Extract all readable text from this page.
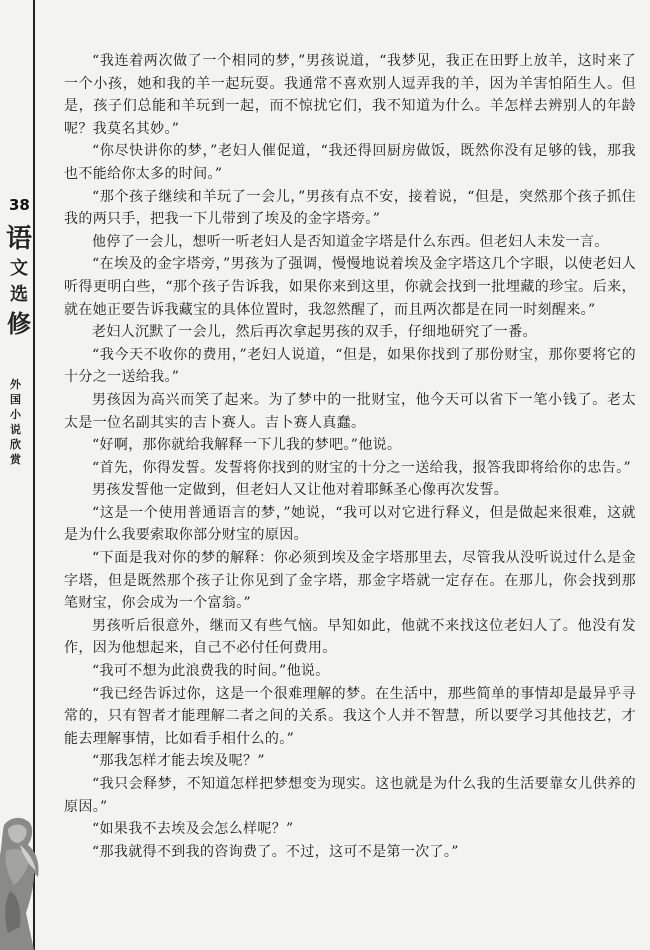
38
语
文
选
修
外国小说欣赏

“我连着两次做了一个相同的梦，”男孩说道，“我梦见，我正在田野上放羊，这时来了一个小孩，她和我的羊一起玩耍。我通常不喜欢别人逗弄我的羊，因为羊害怕陌生人。但是，孩子们总能和羊玩到一起，而不惊扰它们，我不知道为什么。羊怎样去辨别人的年龄呢？我莫名其妙。”

“你尽快讲你的梦，”老妇人催促道，“我还得回厨房做饭，既然你没有足够的钱，那我也不能给你太多的时间。”

“那个孩子继续和羊玩了一会儿，”男孩有点不安，接着说，“但是，突然那个孩子抓住我的两只手，把我一下儿带到了埃及的金字塔旁。”

他停了一会儿，想听一听老妇人是否知道金字塔是什么东西。但老妇人未发一言。

“在埃及的金字塔旁，”男孩为了强调，慢慢地说着埃及金字塔这几个字眼，以使老妇人听得更明白些，“那个孩子告诉我，如果你来到这里，你就会找到一批埋藏的珍宝。后来，就在她正要告诉我藏宝的具体位置时，我忽然醒了，而且两次都是在同一时刻醒来。”

老妇人沉默了一会儿，然后再次拿起男孩的双手，仔细地研究了一番。

“我今天不收你的费用，”老妇人说道，“但是，如果你找到了那份财宝，那你要将它的十分之一送给我。”

男孩因为高兴而笑了起来。为了梦中的一批财宝，他今天可以省下一笔小钱了。老太太是一位名副其实的吉卜赛人。吉卜赛人真蠢。

“好啊，那你就给我解释一下儿我的梦吧。”他说。

“首先，你得发誓。发誓将你找到的财宝的十分之一送给我，报答我即将给你的忠告。”

男孩发誓他一定做到，但老妇人又让他对着耶稣圣心像再次发誓。

“这是一个使用普通语言的梦，”她说，“我可以对它进行释义，但是做起来很难，这就是为什么我要索取你部分财宝的原因。

“下面是我对你的梦的解释：你必须到埃及金字塔那里去，尽管我从没听说过什么是金字塔，但是既然那个孩子让你见到了金字塔，那金字塔就一定存在。在那儿，你会找到那笔财宝，你会成为一个富翁。”

男孩听后很意外，继而又有些气恼。早知如此，他就不来找这位老妇人了。他没有发作，因为他想起来，自己不必付任何费用。

“我可不想为此浪费我的时间。”他说。

“我已经告诉过你，这是一个很难理解的梦。在生活中，那些简单的事情却是最异乎寻常的，只有智者才能理解二者之间的关系。我这个人并不智慧，所以要学习其他技艺，才能去理解事情，比如看手相什么的。”

“那我怎样才能去埃及呢？”

“我只会释梦，不知道怎样把梦想变为现实。这也就是为什么我的生活要靠女儿供养的原因。”

“如果我不去埃及会怎么样呢？”

“那我就得不到我的咨询费了。不过，这可不是第一次了。”
